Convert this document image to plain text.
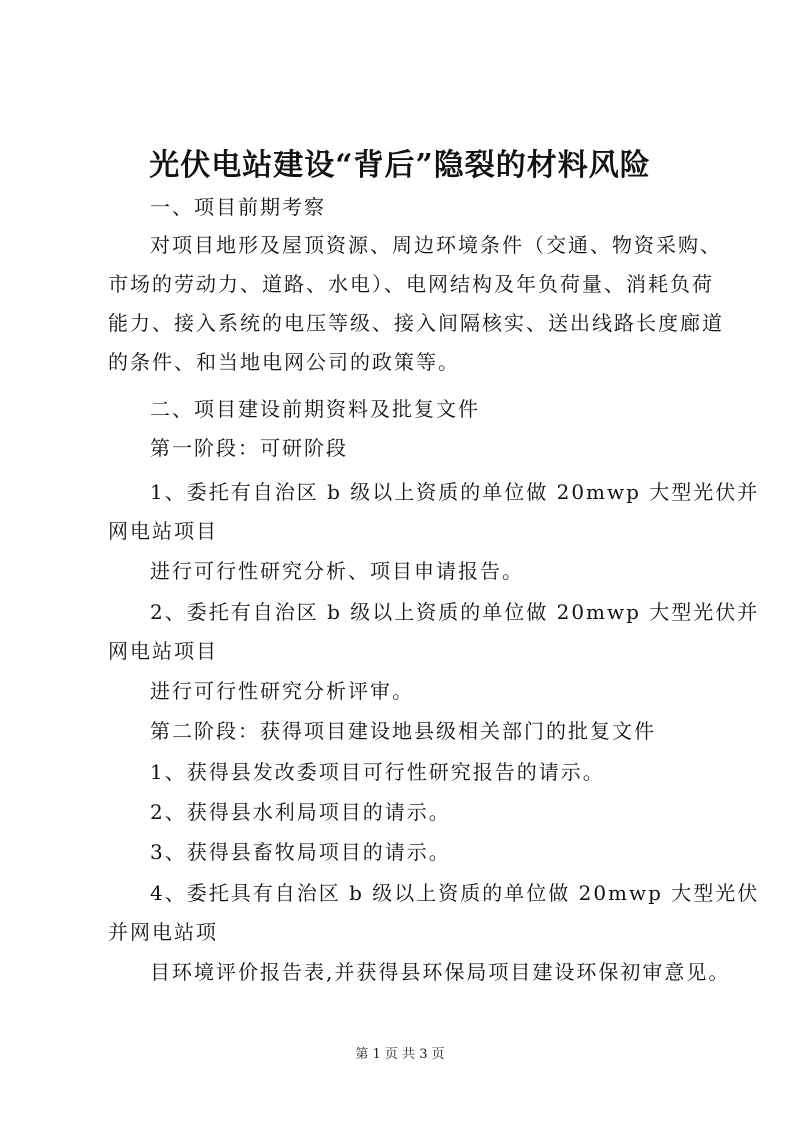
光伏电站建设“背后”隐裂的材料风险
一、项目前期考察
对项目地形及屋顶资源、周边环境条件（交通、物资采购、
市场的劳动力、道路、水电）、电网结构及年负荷量、消耗负荷
能力、接入系统的电压等级、接入间隔核实、送出线路长度廊道
的条件、和当地电网公司的政策等。
二、项目建设前期资料及批复文件
第一阶段：可研阶段
1、委托有自治区 b 级以上资质的单位做 20mwp 大型光伏并
网电站项目
进行可行性研究分析、项目申请报告。
2、委托有自治区 b 级以上资质的单位做 20mwp 大型光伏并
网电站项目
进行可行性研究分析评审。
第二阶段：获得项目建设地县级相关部门的批复文件
1、获得县发改委项目可行性研究报告的请示。
2、获得县水利局项目的请示。
3、获得县畜牧局项目的请示。
4、委托具有自治区 b 级以上资质的单位做 20mwp 大型光伏
并网电站项
目环境评价报告表,并获得县环保局项目建设环保初审意见。
第 1 页 共 3 页
